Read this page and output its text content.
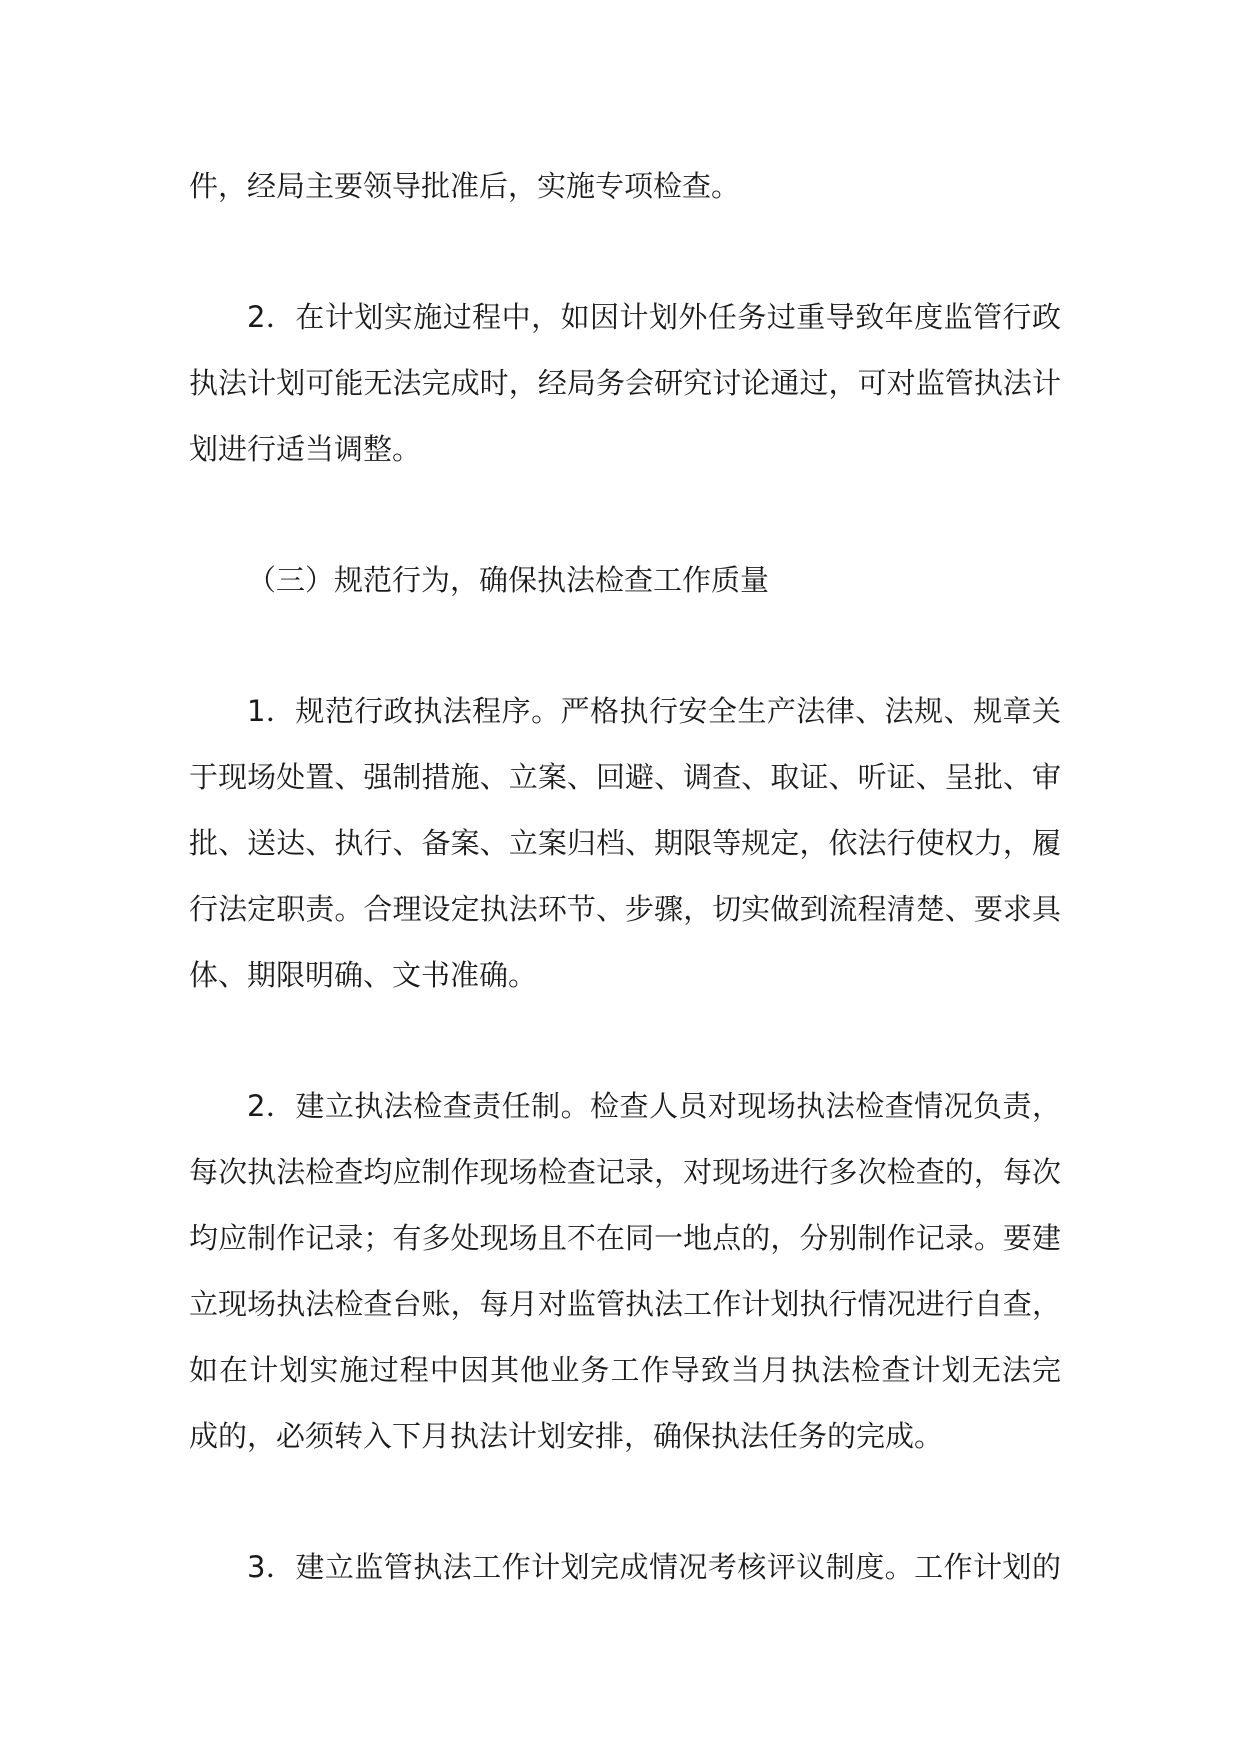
件，经局主要领导批准后，实施专项检查。
2．在计划实施过程中，如因计划外任务过重导致年度监管行政
执法计划可能无法完成时，经局务会研究讨论通过，可对监管执法计
划进行适当调整。
（三）规范行为，确保执法检查工作质量
1．规范行政执法程序。严格执行安全生产法律、法规、规章关
于现场处置、强制措施、立案、回避、调查、取证、听证、呈批、审
批、送达、执行、备案、立案归档、期限等规定，依法行使权力，履
行法定职责。合理设定执法环节、步骤，切实做到流程清楚、要求具
体、期限明确、文书准确。
2．建立执法检查责任制。检查人员对现场执法检查情况负责，
每次执法检查均应制作现场检查记录，对现场进行多次检查的，每次
均应制作记录；有多处现场且不在同一地点的，分别制作记录。要建
立现场执法检查台账，每月对监管执法工作计划执行情况进行自查，
如在计划实施过程中因其他业务工作导致当月执法检查计划无法完
成的，必须转入下月执法计划安排，确保执法任务的完成。
3．建立监管执法工作计划完成情况考核评议制度。工作计划的
